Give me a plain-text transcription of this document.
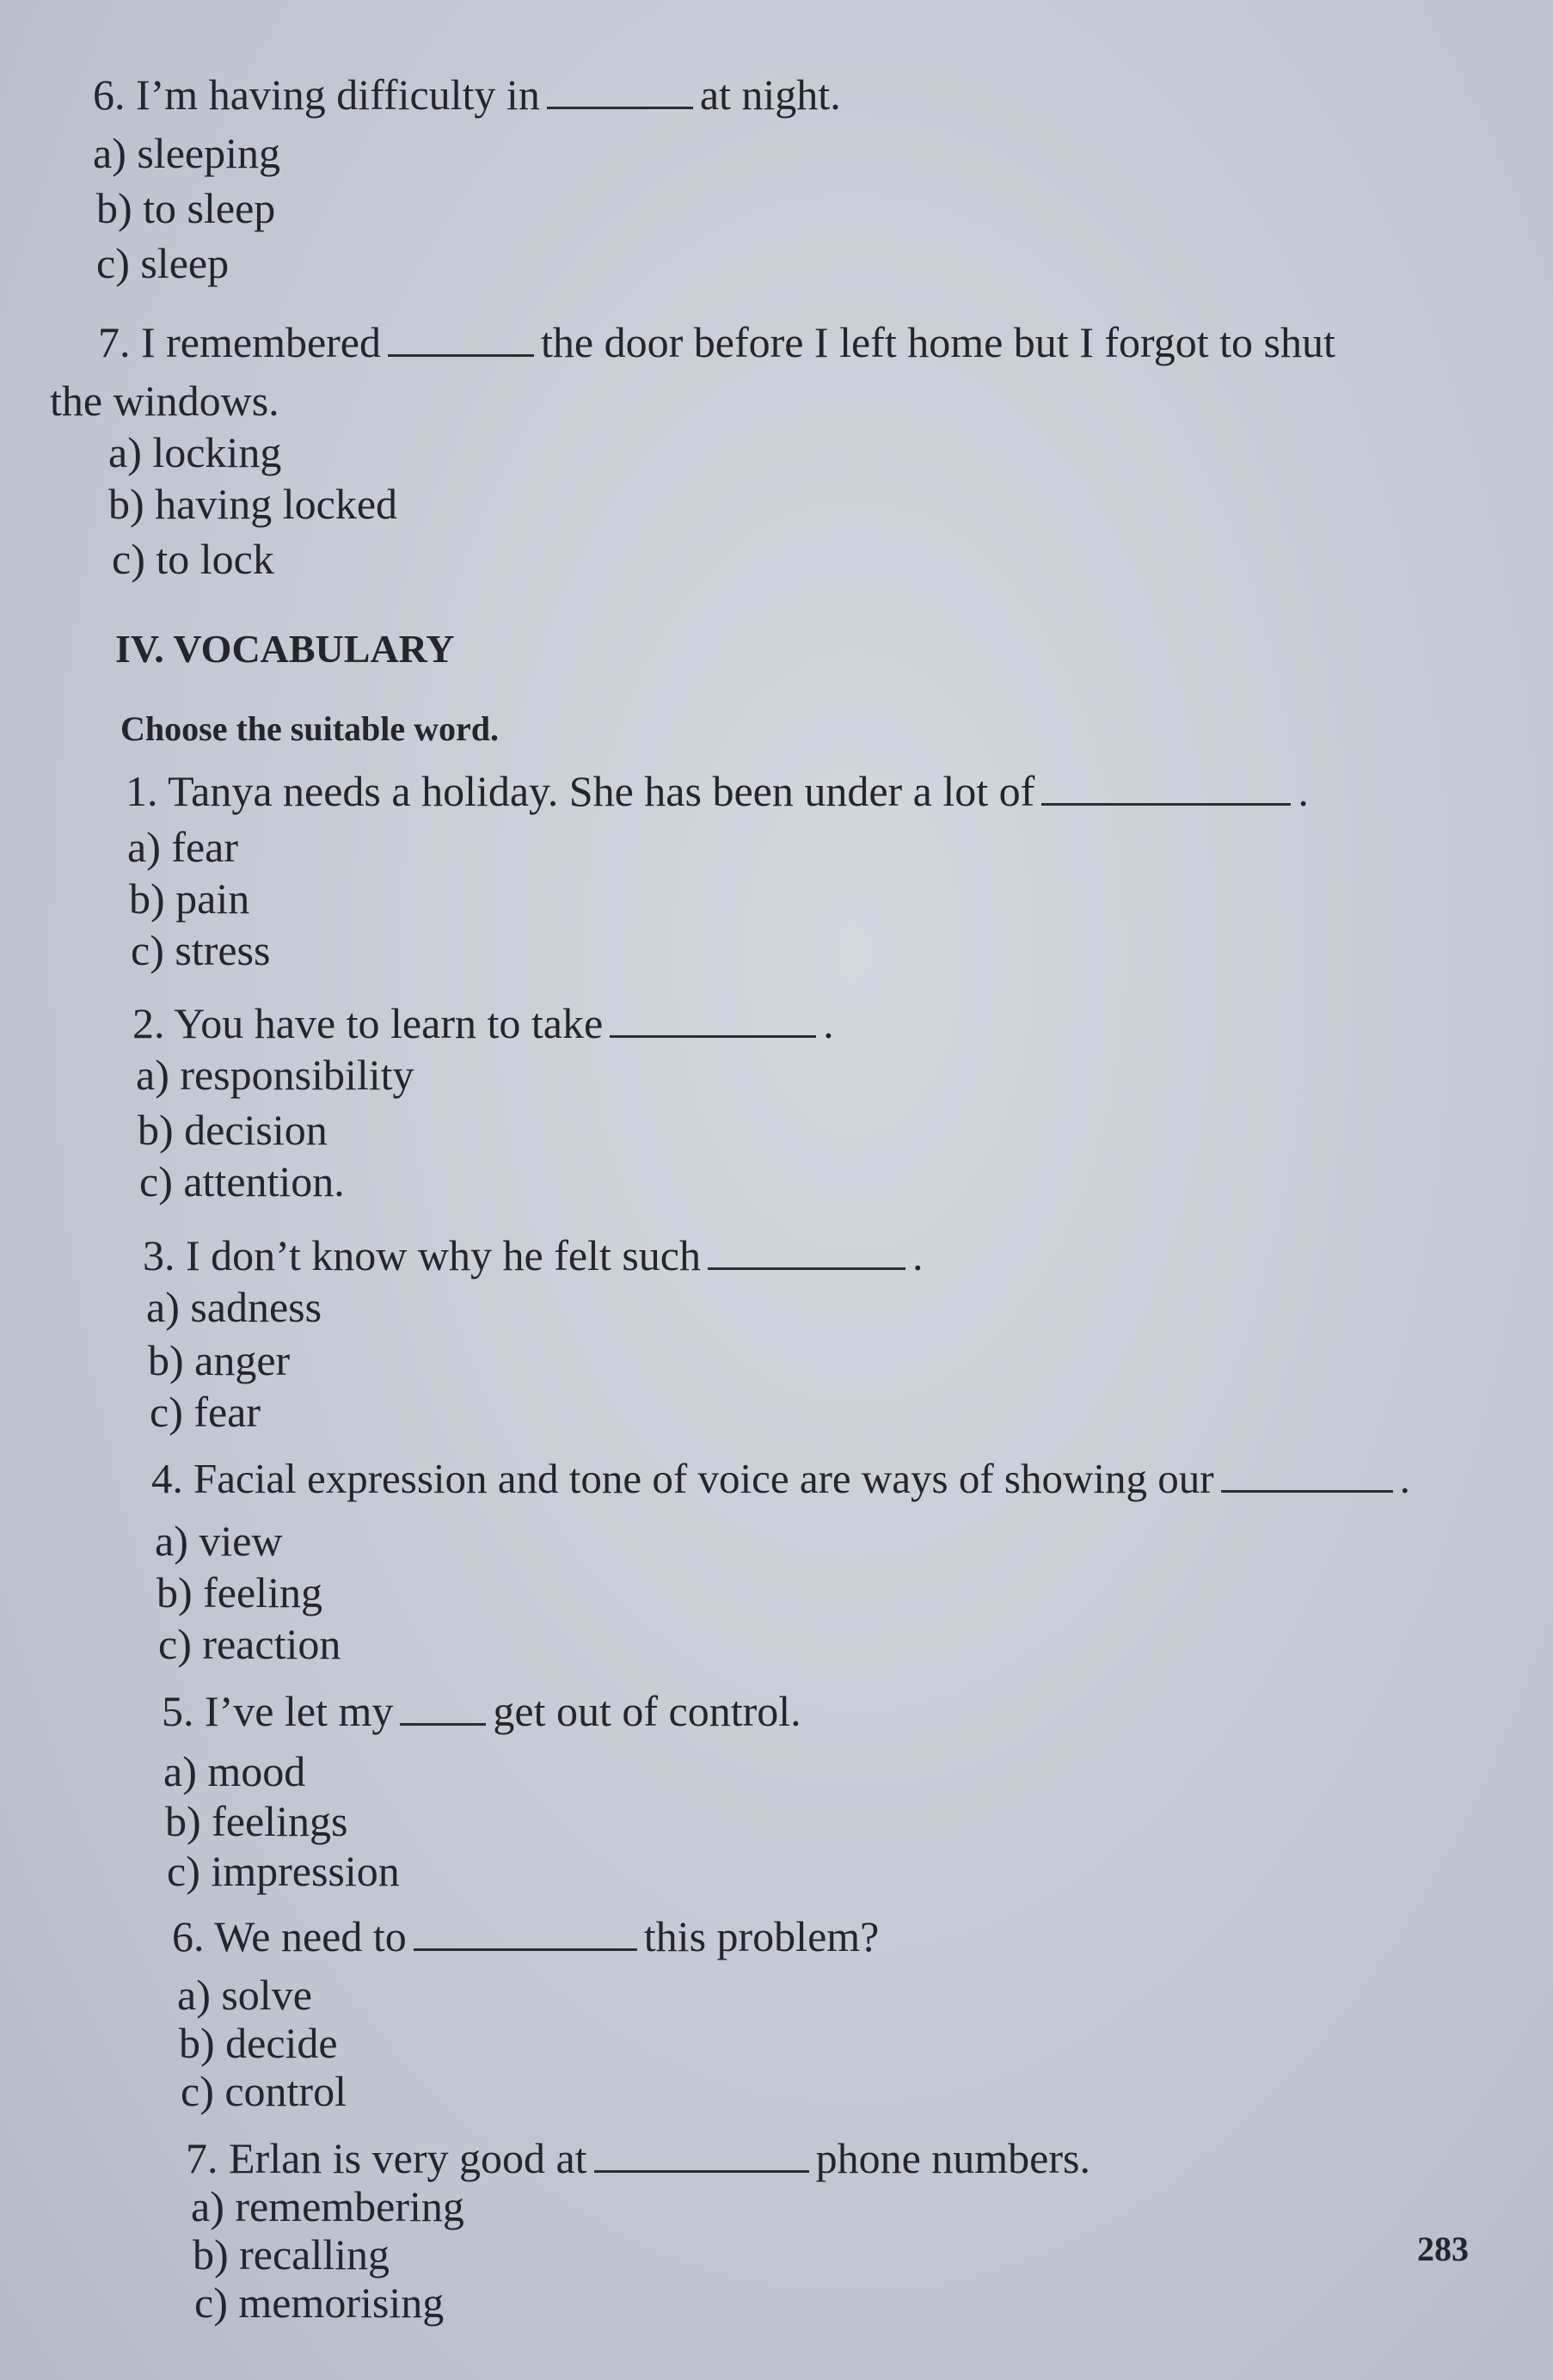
6. I’m having difficulty in	at night.
a) sleeping
b) to sleep
c) sleep
7. I remembered	the door before I left home but I forgot to shut
the windows.
a) locking
b) having locked
c) to lock
IV. VOCABULARY
Choose the suitable word.
1. Tanya needs a holiday. She has been under a lot of	.
a) fear
b) pain
c) stress
2. You have to learn to take	.
a) responsibility
b) decision
c) attention.
3. I don’t know why he felt such	.
a) sadness
b) anger
c) fear
4. Facial expression and tone of voice are ways of showing our	.
a) view
b) feeling
c) reaction
5. I’ve let my get out of control.
a) mood
b) feelings
c) impression
6. We need to	this problem?
a) solve
b) decide
c) control
7. Erlan is very good at	phone numbers.
a) remembering
b) recalling
c) memorising
283
